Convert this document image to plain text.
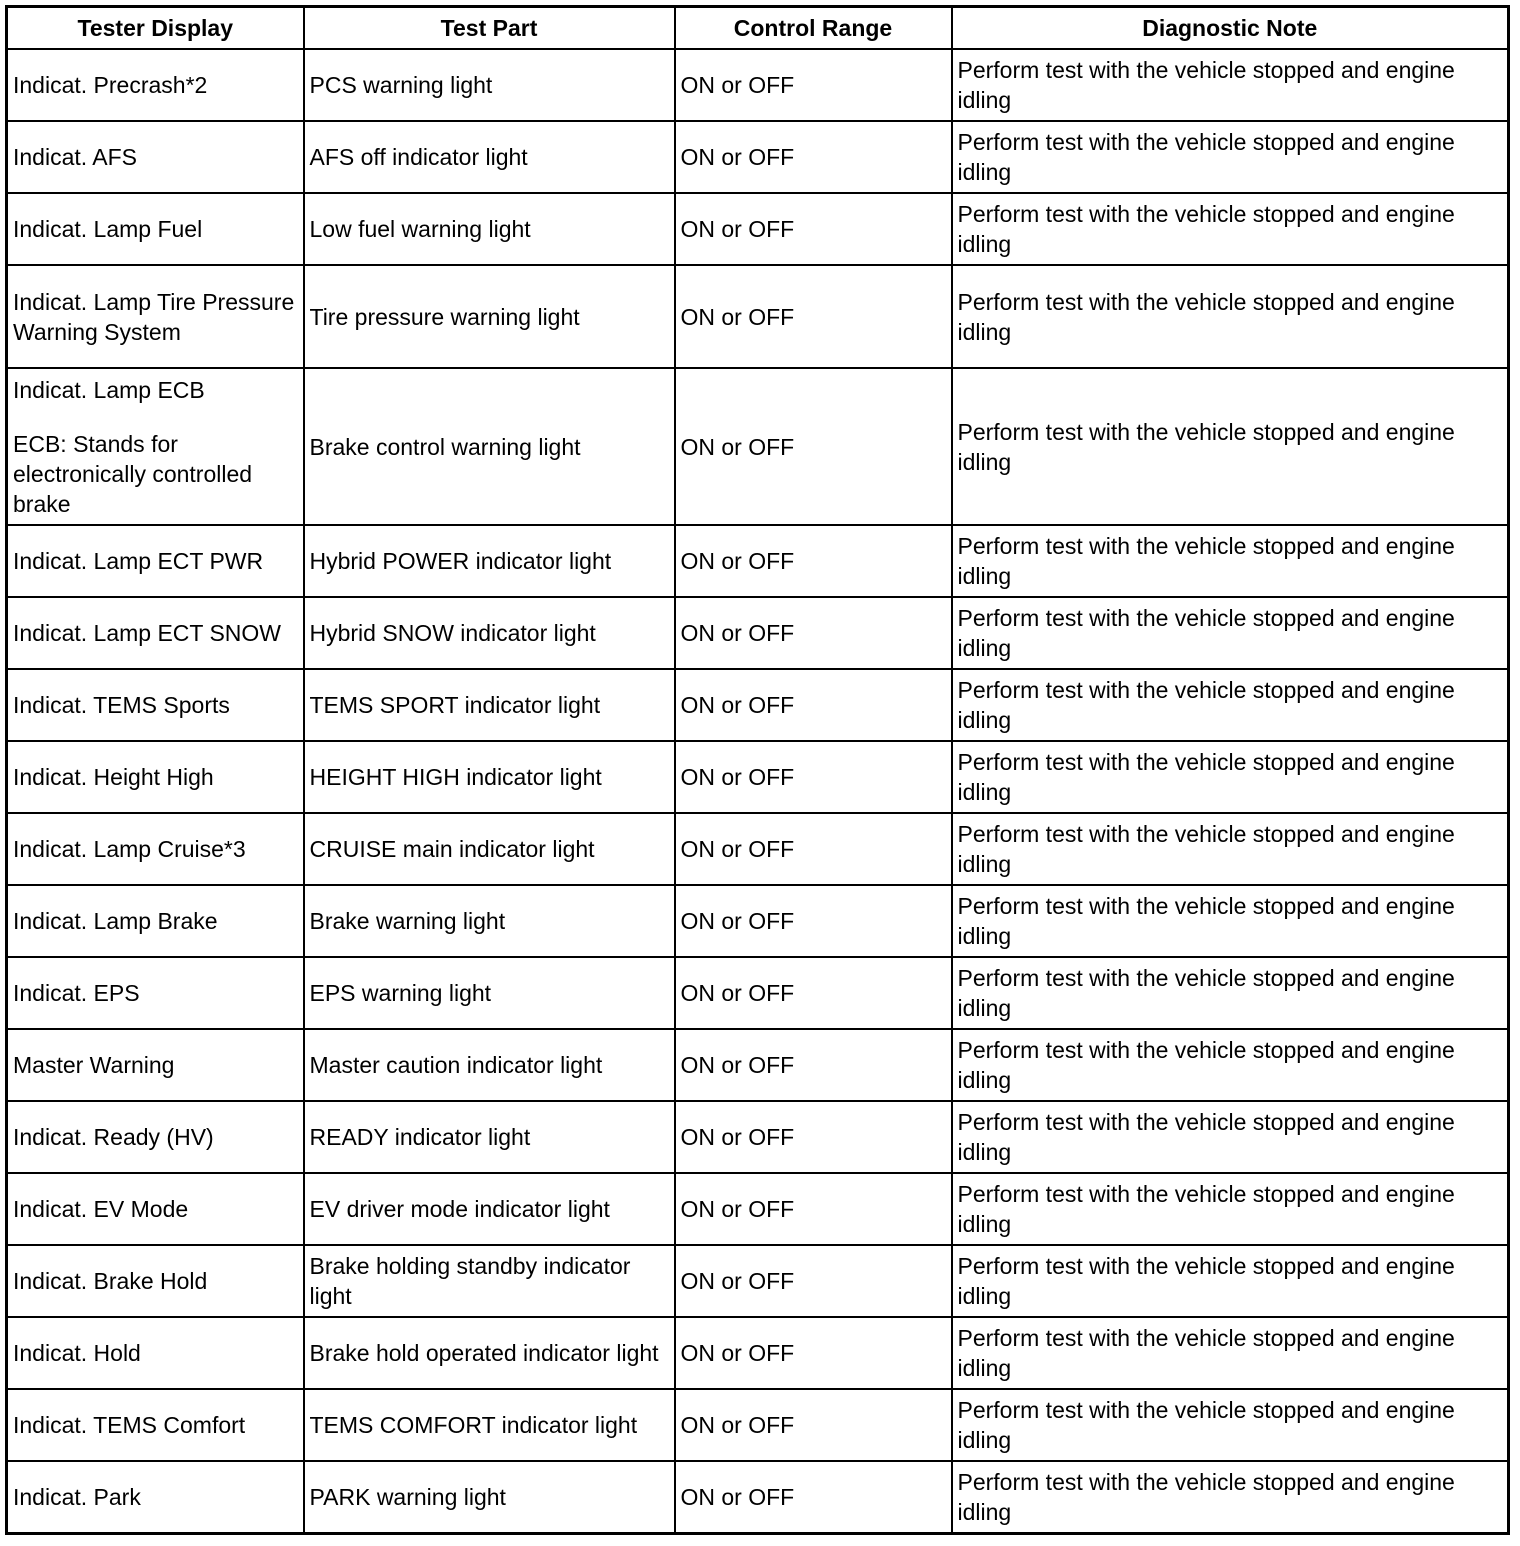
Tester Display	Test Part	Control Range	Diagnostic Note
Indicat. Precrash*2	PCS warning light	ON or OFF	Perform test with the vehicle stopped and engine idling
Indicat. AFS	AFS off indicator light	ON or OFF	Perform test with the vehicle stopped and engine idling
Indicat. Lamp Fuel	Low fuel warning light	ON or OFF	Perform test with the vehicle stopped and engine idling
Indicat. Lamp Tire Pressure Warning System	Tire pressure warning light	ON or OFF	Perform test with the vehicle stopped and engine idling

Indicat. Lamp ECB
ECB: Stands for electronically controlled brake	Brake control warning light	ON or OFF	Perform test with the vehicle stopped and engine idling
Indicat. Lamp ECT PWR	Hybrid POWER indicator light	ON or OFF	Perform test with the vehicle stopped and engine idling
Indicat. Lamp ECT SNOW	Hybrid SNOW indicator light	ON or OFF	Perform test with the vehicle stopped and engine idling
Indicat. TEMS Sports	TEMS SPORT indicator light	ON or OFF	Perform test with the vehicle stopped and engine idling
Indicat. Height High	HEIGHT HIGH indicator light	ON or OFF	Perform test with the vehicle stopped and engine idling
Indicat. Lamp Cruise*3	CRUISE main indicator light	ON or OFF	Perform test with the vehicle stopped and engine idling
Indicat. Lamp Brake	Brake warning light	ON or OFF	Perform test with the vehicle stopped and engine idling
Indicat. EPS	EPS warning light	ON or OFF	Perform test with the vehicle stopped and engine idling
Master Warning	Master caution indicator light	ON or OFF	Perform test with the vehicle stopped and engine idling
Indicat. Ready (HV)	READY indicator light	ON or OFF	Perform test with the vehicle stopped and engine idling
Indicat. EV Mode	EV driver mode indicator light	ON or OFF	Perform test with the vehicle stopped and engine idling
Indicat. Brake Hold	Brake holding standby indicator light	ON or OFF	Perform test with the vehicle stopped and engine idling
Indicat. Hold	Brake hold operated indicator light	ON or OFF	Perform test with the vehicle stopped and engine idling
Indicat. TEMS Comfort	TEMS COMFORT indicator light	ON or OFF	Perform test with the vehicle stopped and engine idling
Indicat. Park	PARK warning light	ON or OFF	Perform test with the vehicle stopped and engine idling
